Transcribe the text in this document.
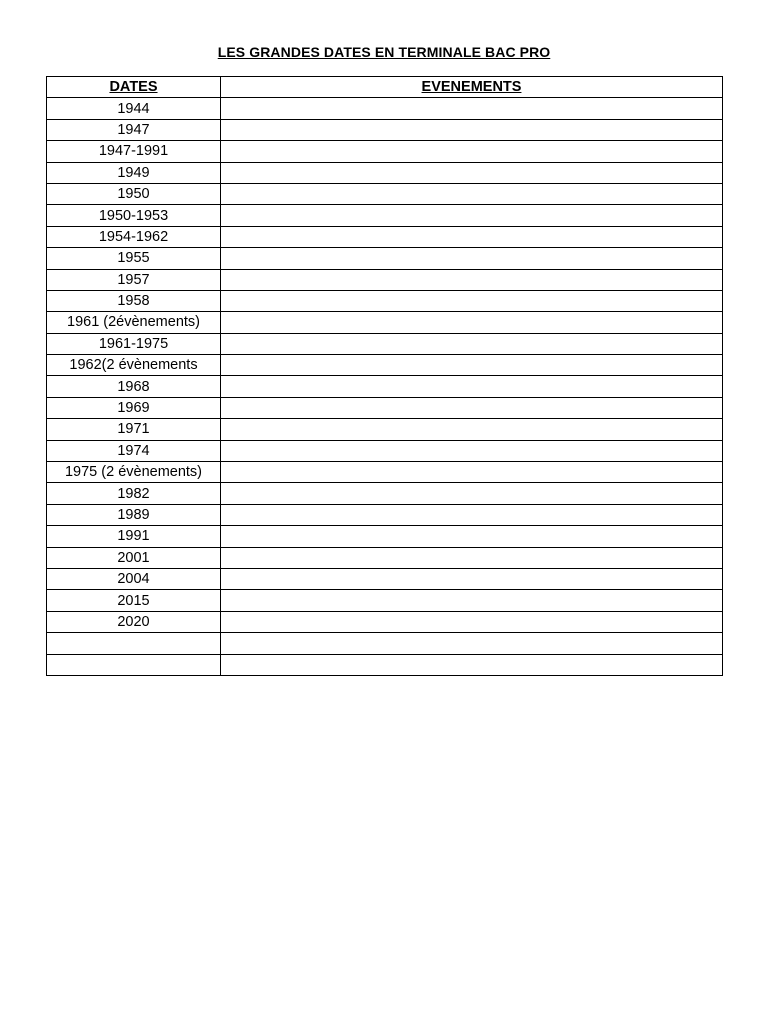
LES GRANDES DATES EN TERMINALE BAC PRO
DATES	EVENEMENTS
1944	
1947	
1947-1991	
1949	
1950	
1950-1953	
1954-1962	
1955	
1957	
1958	
1961 (2évènements)	
1961-1975	
1962(2 évènements	
1968	
1969	
1971	
1974	
1975 (2 évènements)	
1982	
1989	
1991	
2001	
2004	
2015	
2020	
